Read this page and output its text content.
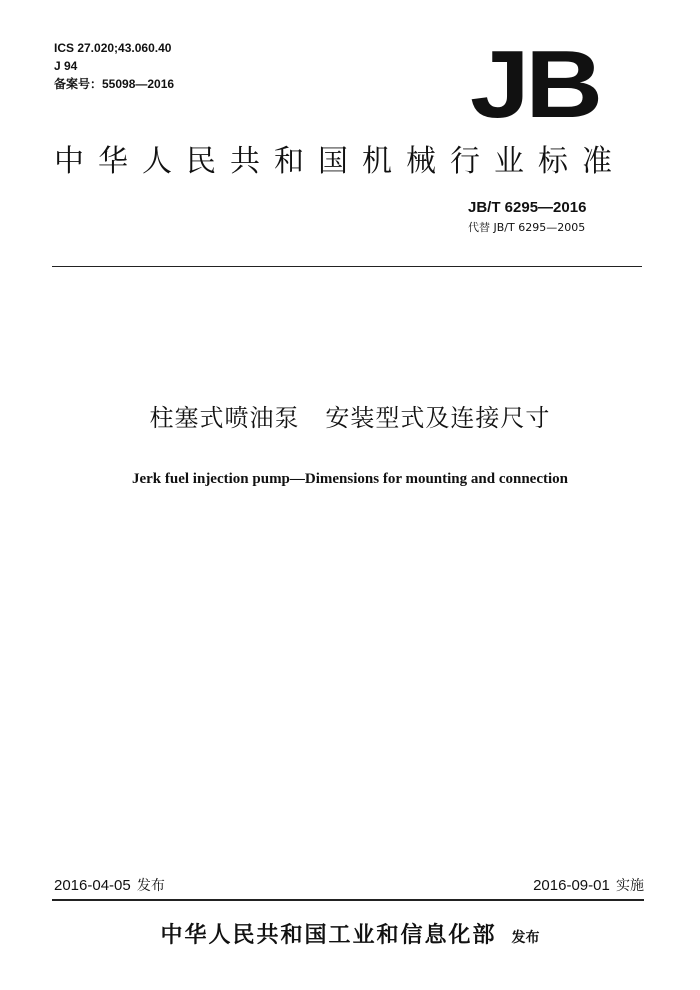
ICS 27.020;43.060.40
J 94
备案号：55098—2016	JB
中华人民共和国机械行业标准
JB/T 6295—2016
代替 JB/T 6295—2005
柱塞式喷油泵   安装型式及连接尺寸
Jerk fuel injection pump—Dimensions for mounting and connection
2016-04-05 发布	2016-09-01 实施
中华人民共和国工业和信息化部 发布
